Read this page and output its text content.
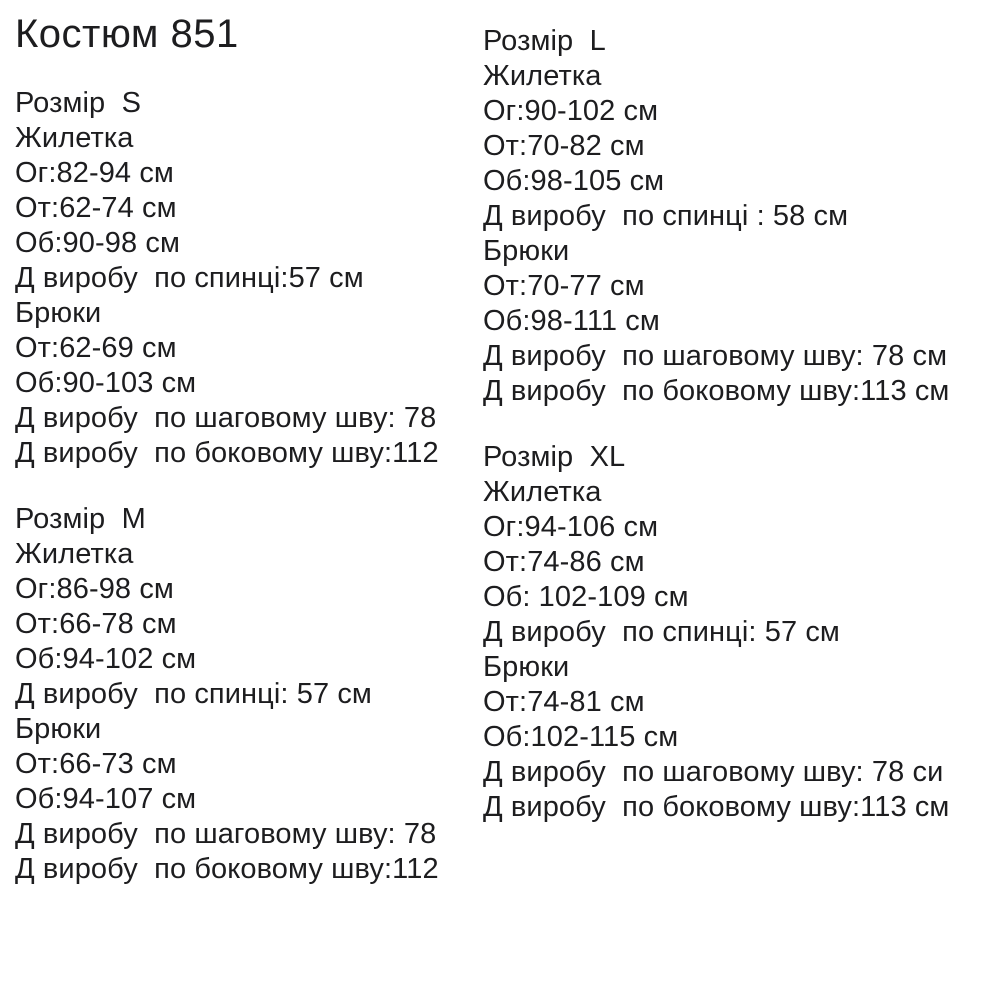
Костюм 851
Розмір  S
Жилетка
Ог:82-94 см
От:62-74 см
Об:90-98 см
Д виробу  по спинці:57 см
Брюки
От:62-69 см
Об:90-103 см
Д виробу  по шаговому шву: 78
Д виробу  по боковому шву:112
Розмір  М
Жилетка
Ог:86-98 см
От:66-78 см
Об:94-102 см
Д виробу  по спинці: 57 см
Брюки
От:66-73 см
Об:94-107 см
Д виробу  по шаговому шву: 78
Д виробу  по боковому шву:112
Розмір  L
Жилетка
Ог:90-102 см
От:70-82 см
Об:98-105 см
Д виробу  по спинці : 58 см
Брюки
От:70-77 см
Об:98-111 см
Д виробу  по шаговому шву: 78 см
Д виробу  по боковому шву:113 см
Розмір  XL
Жилетка
Ог:94-106 см
От:74-86 см
Об: 102-109 см
Д виробу  по спинці: 57 см
Брюки
От:74-81 см
Об:102-115 см
Д виробу  по шаговому шву: 78 си
Д виробу  по боковому шву:113 см
